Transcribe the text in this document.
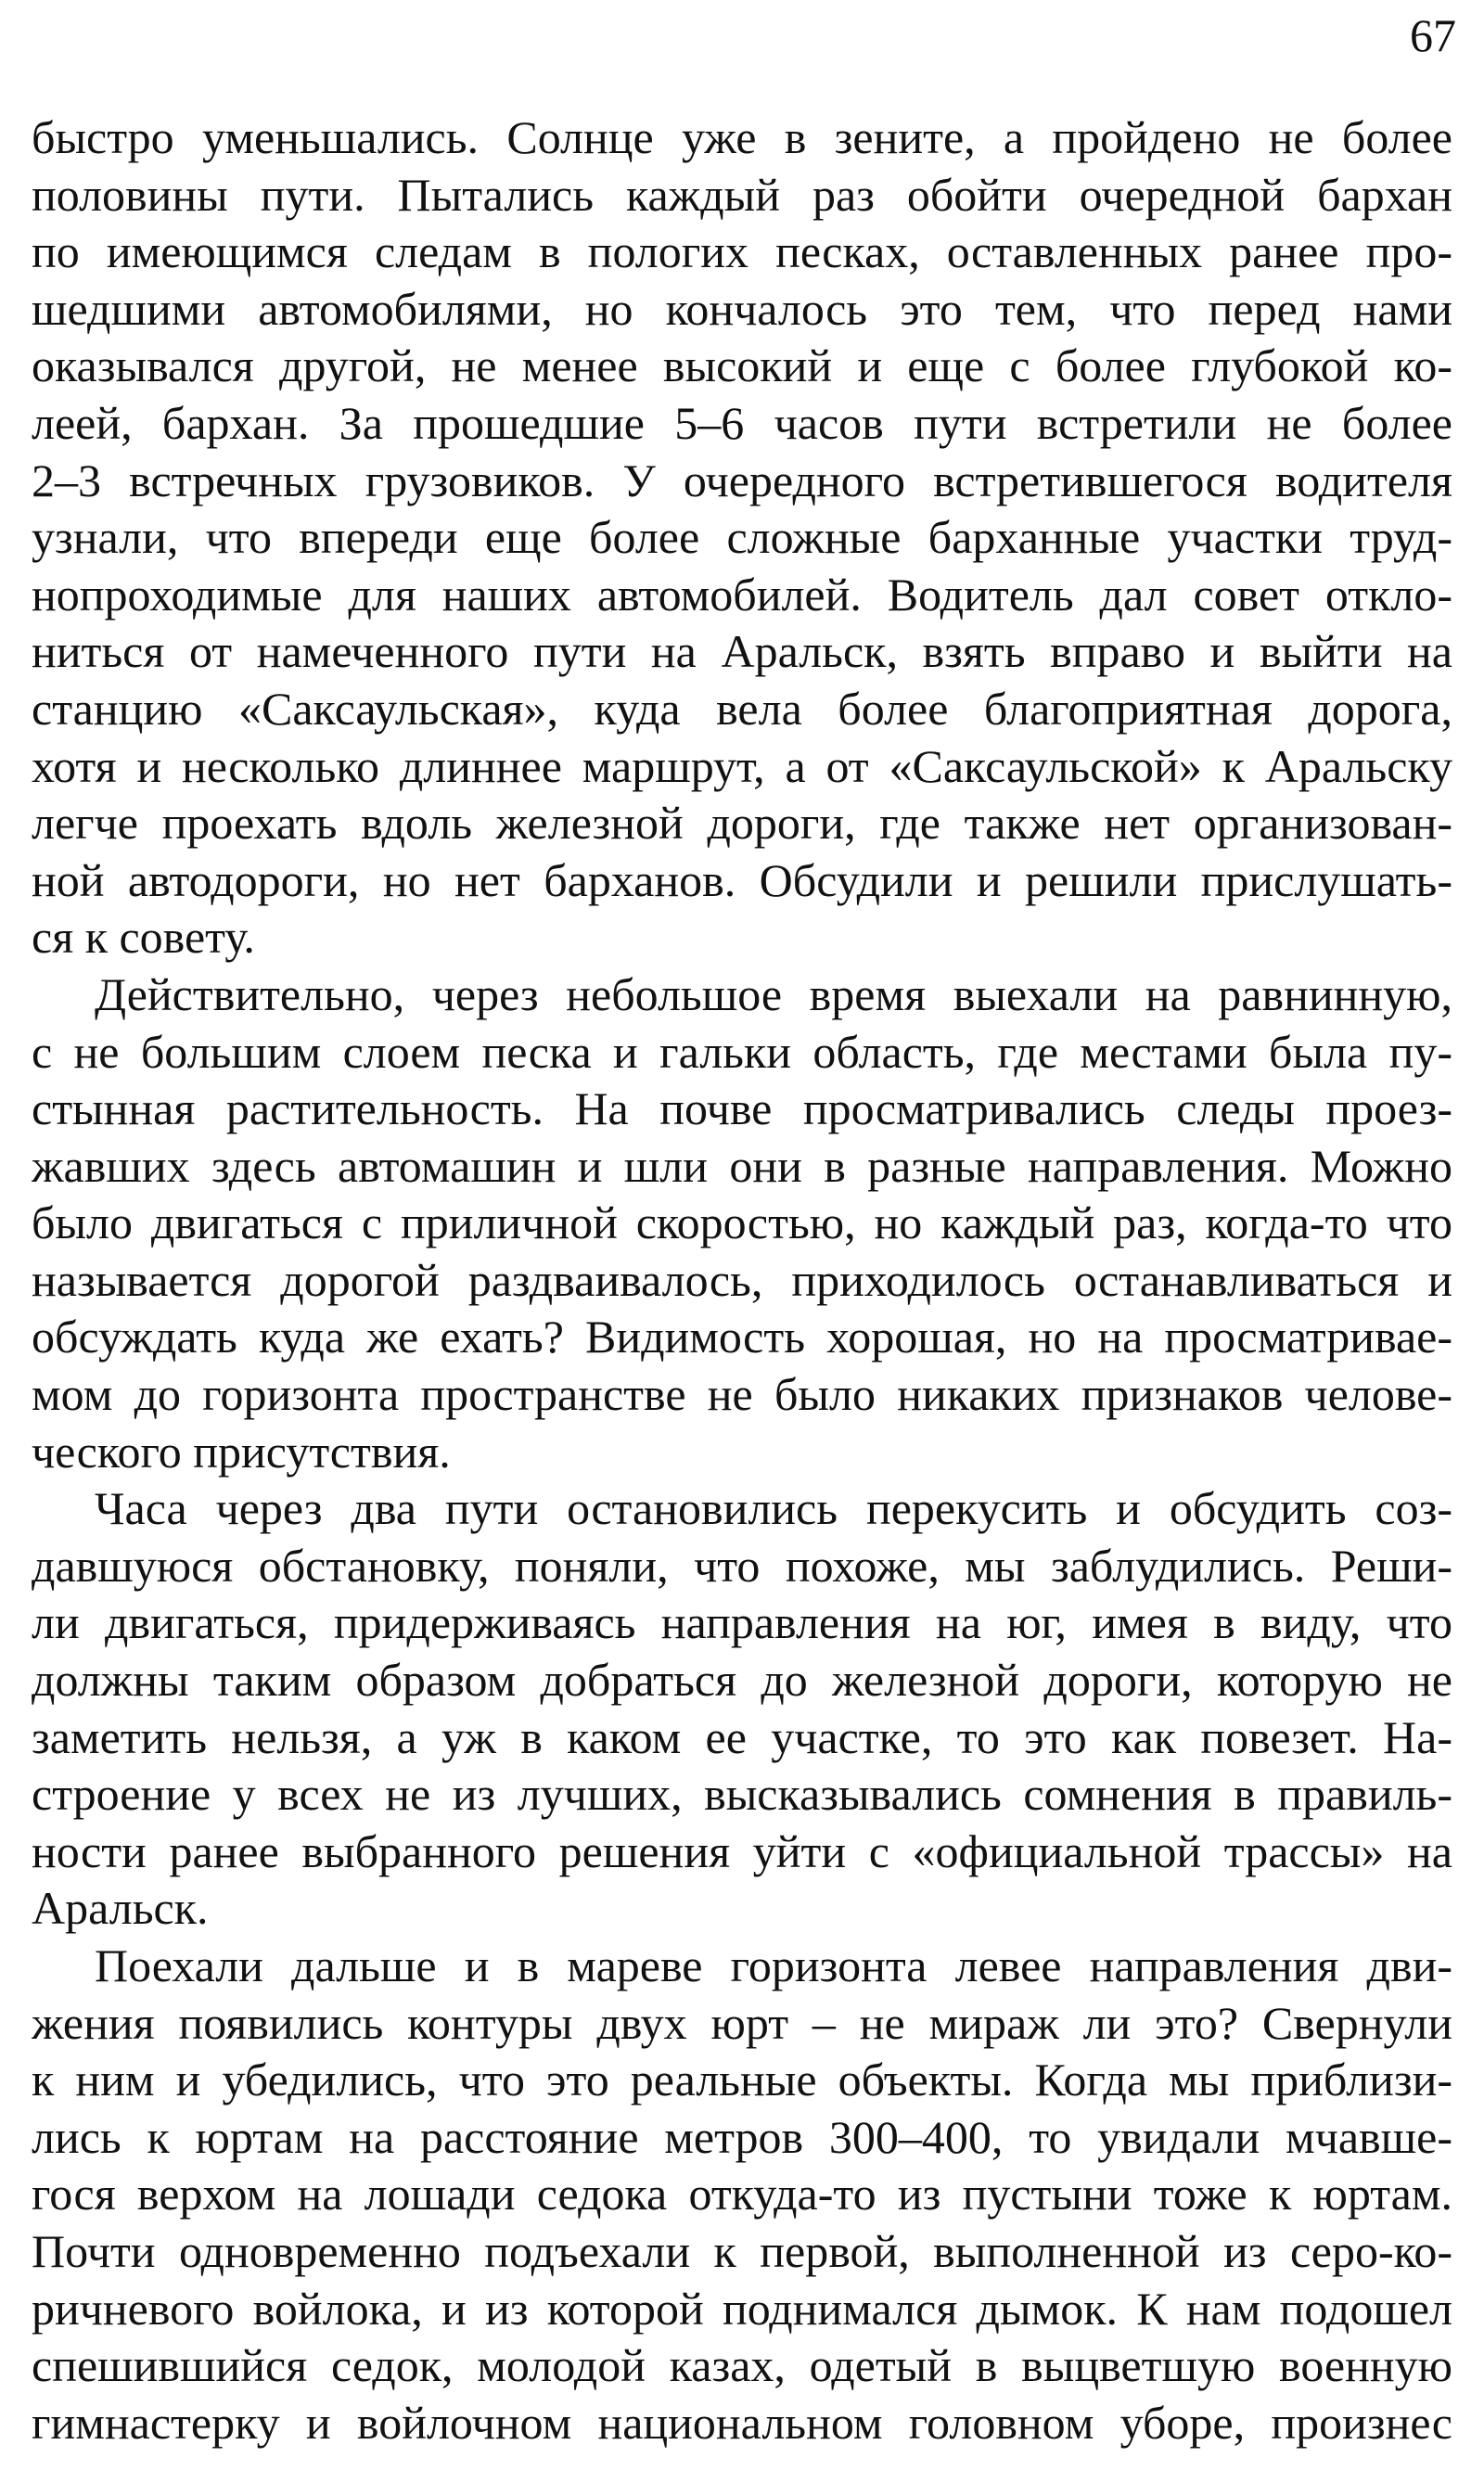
67

быстро уменьшались. Солнце уже в зените, а пройдено не более
половины пути. Пытались каждый раз обойти очередной бархан
по имеющимся следам в пологих песках, оставленных ранее про-
шедшими автомобилями, но кончалось это тем, что перед нами
оказывался другой, не менее высокий и еще с более глубокой ко-
леей, бархан. За прошедшие 5–6 часов пути встретили не более
2–3 встречных грузовиков. У очередного встретившегося водителя
узнали, что впереди еще более сложные барханные участки труд-
нопроходимые для наших автомобилей. Водитель дал совет откло-
ниться от намеченного пути на Аральск, взять вправо и выйти на
станцию «Саксаульская», куда вела более благоприятная дорога,
хотя и несколько длиннее маршрут, а от «Саксаульской» к Аральску
легче проехать вдоль железной дороги, где также нет организован-
ной автодороги, но нет барханов. Обсудили и решили прислушать-
ся к совету.

Действительно, через небольшое время выехали на равнинную,
с не большим слоем песка и гальки область, где местами была пу-
стынная растительность. На почве просматривались следы проез-
жавших здесь автомашин и шли они в разные направления. Можно
было двигаться с приличной скоростью, но каждый раз, когда-то что
называется дорогой раздваивалось, приходилось останавливаться и
обсуждать куда же ехать? Видимость хорошая, но на просматривае-
мом до горизонта пространстве не было никаких признаков челове-
ческого присутствия.

Часа через два пути остановились перекусить и обсудить соз-
давшуюся обстановку, поняли, что похоже, мы заблудились. Реши-
ли двигаться, придерживаясь направления на юг, имея в виду, что
должны таким образом добраться до железной дороги, которую не
заметить нельзя, а уж в каком ее участке, то это как повезет. На-
строение у всех не из лучших, высказывались сомнения в правиль-
ности ранее выбранного решения уйти с «официальной трассы» на
Аральск.

Поехали дальше и в мареве горизонта левее направления дви-
жения появились контуры двух юрт – не мираж ли это? Свернули
к ним и убедились, что это реальные объекты. Когда мы приблизи-
лись к юртам на расстояние метров 300–400, то увидали мчавше-
гося верхом на лошади седока откуда-то из пустыни тоже к юртам.
Почти одновременно подъехали к первой, выполненной из серо-ко-
ричневого войлока, и из которой поднимался дымок. К нам подошел
спешившийся седок, молодой казах, одетый в выцветшую военную
гимнастерку и войлочном национальном головном уборе, произнес
